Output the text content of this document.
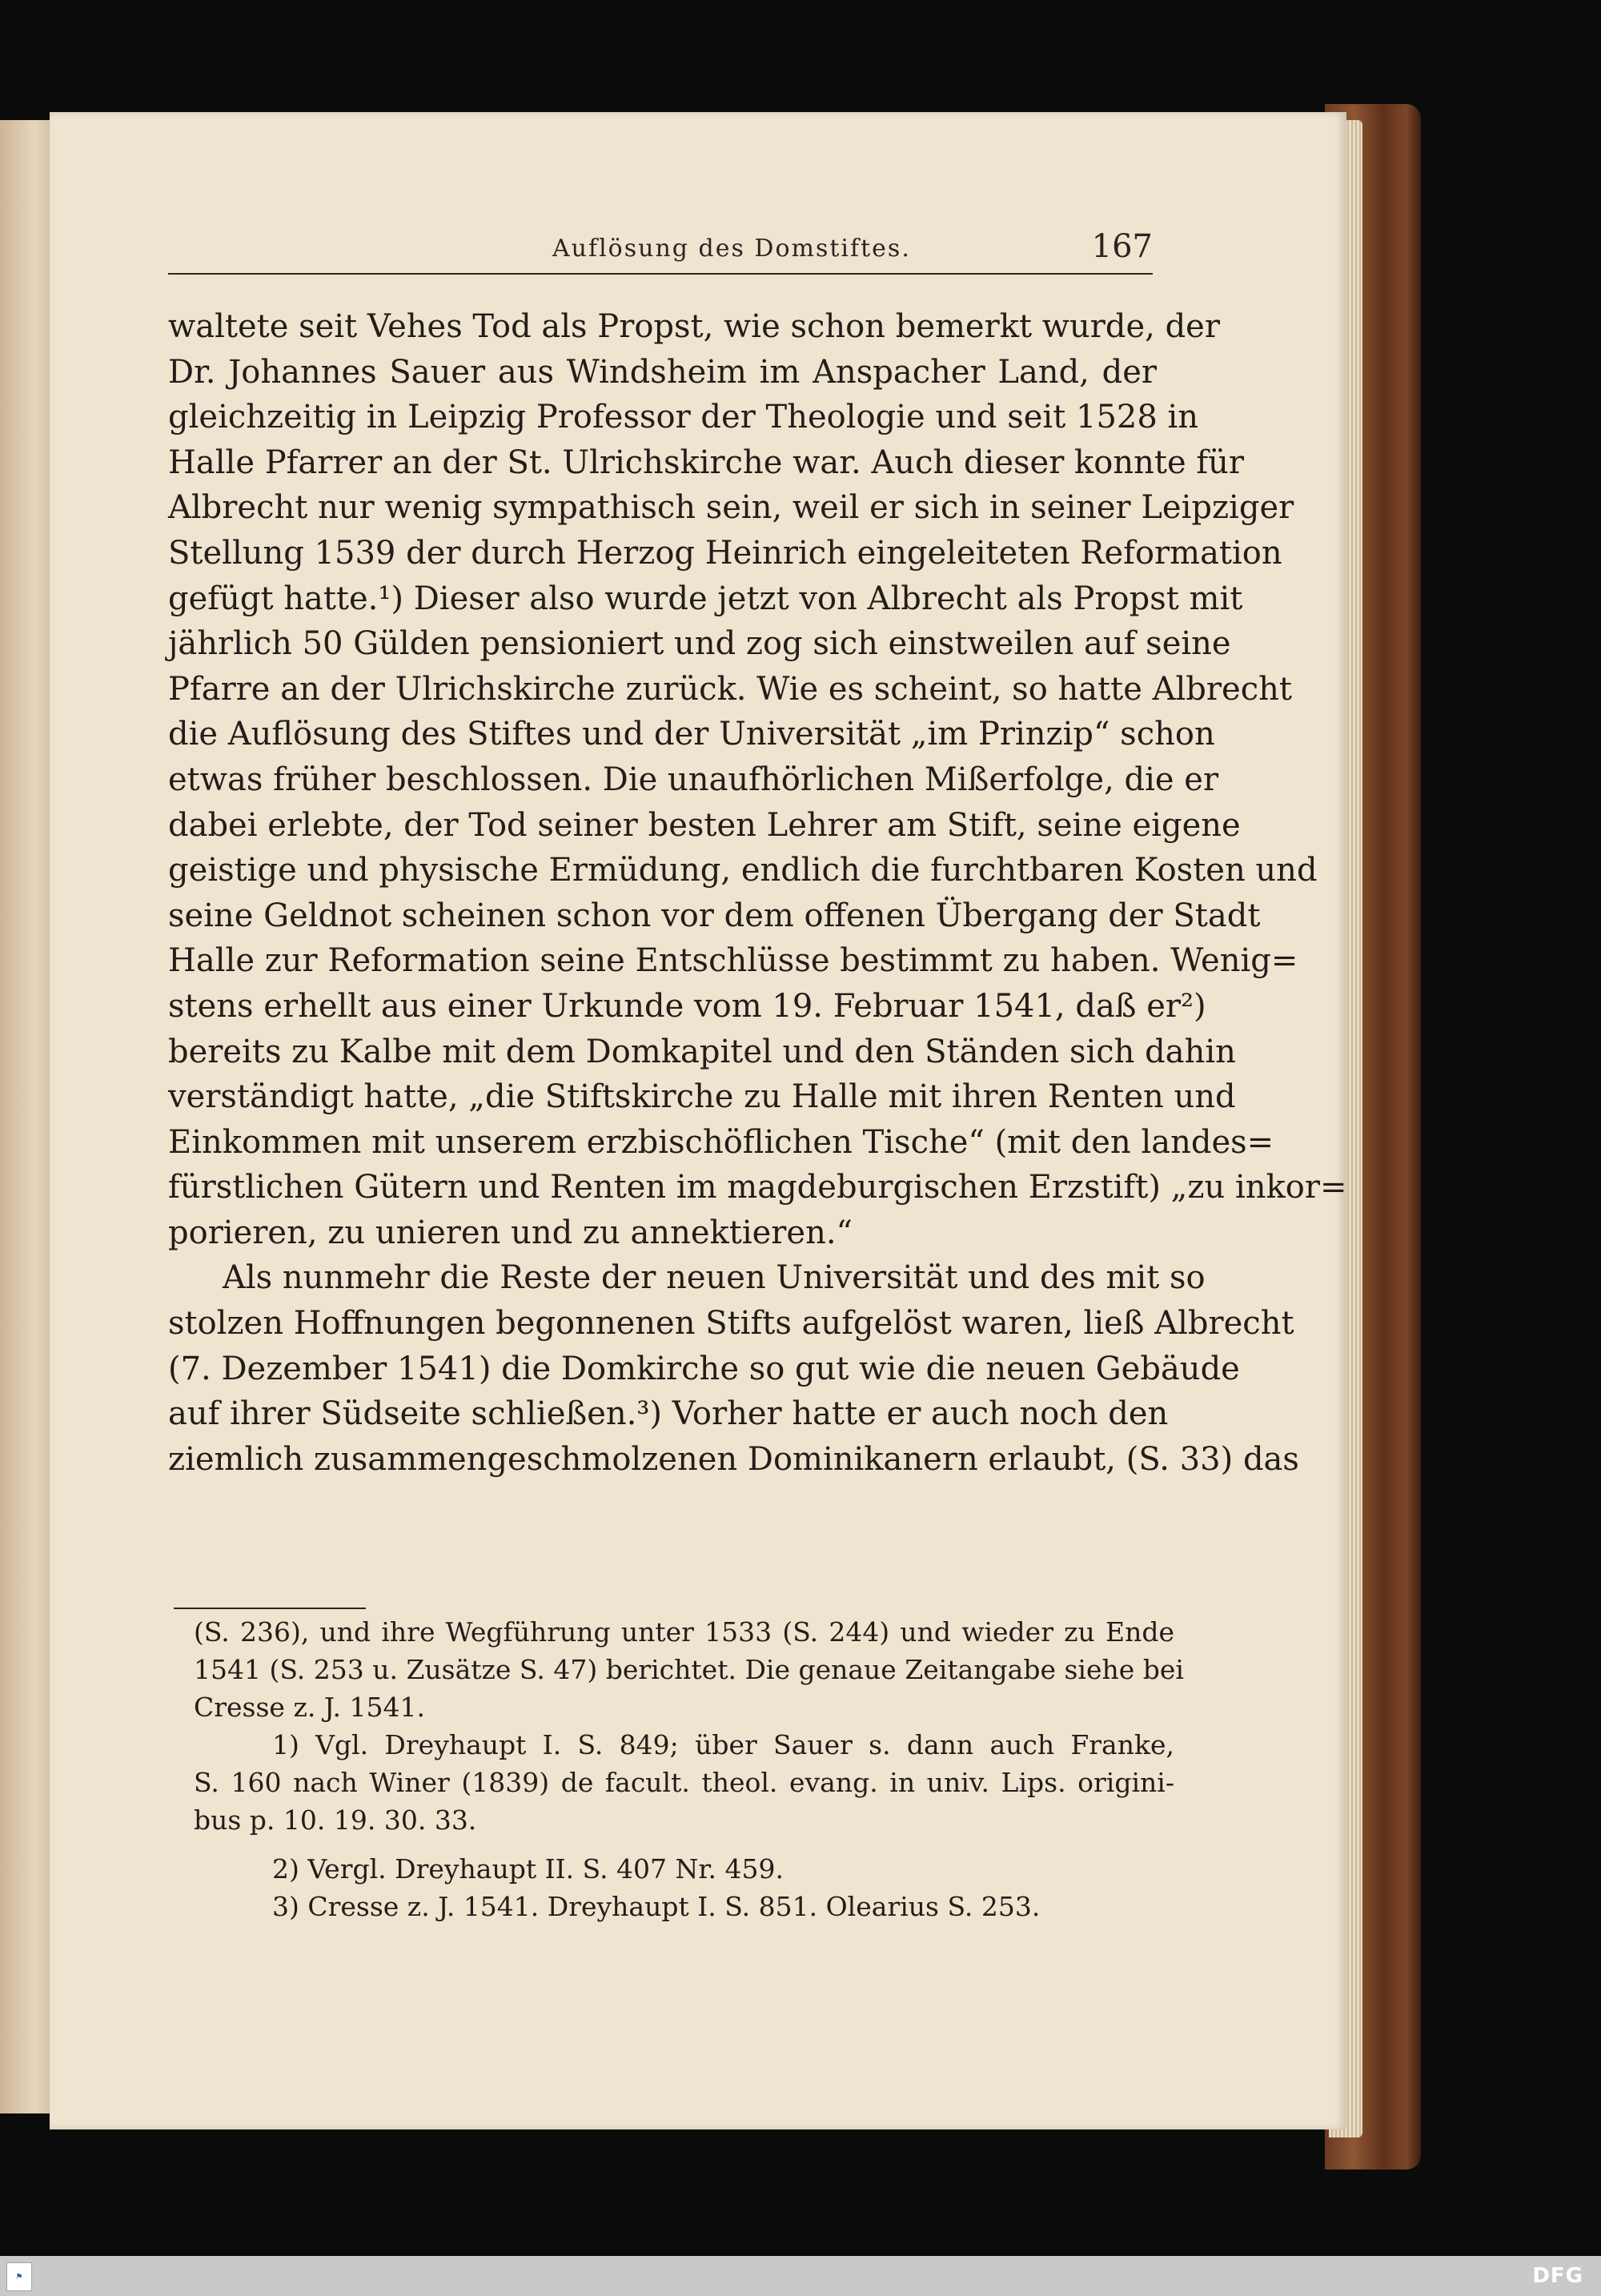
Auflösung des Domstiftes.	167
waltete seit Vehes Tod als Propst, wie schon bemerkt wurde, der
Dr. Johannes Sauer aus Windsheim im Anspacher Land, der
gleichzeitig in Leipzig Professor der Theologie und seit 1528 in
Halle Pfarrer an der St. Ulrichskirche war. Auch dieser konnte für
Albrecht nur wenig sympathisch sein, weil er sich in seiner Leipziger
Stellung 1539 der durch Herzog Heinrich eingeleiteten Reformation
gefügt hatte.¹) Dieser also wurde jetzt von Albrecht als Propst mit
jährlich 50 Gülden pensioniert und zog sich einstweilen auf seine
Pfarre an der Ulrichskirche zurück. Wie es scheint, so hatte Albrecht
die Auflösung des Stiftes und der Universität „im Prinzip“ schon
etwas früher beschlossen. Die unaufhörlichen Mißerfolge, die er
dabei erlebte, der Tod seiner besten Lehrer am Stift, seine eigene
geistige und physische Ermüdung, endlich die furchtbaren Kosten und
seine Geldnot scheinen schon vor dem offenen Übergang der Stadt
Halle zur Reformation seine Entschlüsse bestimmt zu haben. Wenig=
stens erhellt aus einer Urkunde vom 19. Februar 1541, daß er²)
bereits zu Kalbe mit dem Domkapitel und den Ständen sich dahin
verständigt hatte, „die Stiftskirche zu Halle mit ihren Renten und
Einkommen mit unserem erzbischöflichen Tische“ (mit den landes=
fürstlichen Gütern und Renten im magdeburgischen Erzstift) „zu inkor=
porieren, zu unieren und zu annektieren.“
Als nunmehr die Reste der neuen Universität und des mit so
stolzen Hoffnungen begonnenen Stifts aufgelöst waren, ließ Albrecht
(7. Dezember 1541) die Domkirche so gut wie die neuen Gebäude
auf ihrer Südseite schließen.³) Vorher hatte er auch noch den
ziemlich zusammengeschmolzenen Dominikanern erlaubt, (S. 33) das
(S. 236), und ihre Wegführung unter 1533 (S. 244) und wieder zu Ende
1541 (S. 253 u. Zusätze S. 47) berichtet. Die genaue Zeitangabe siehe bei
Cresse z. J. 1541.
1) Vgl. Dreyhaupt I. S. 849; über Sauer s. dann auch Franke,
S. 160 nach Winer (1839) de facult. theol. evang. in univ. Lips. origini-
bus p. 10. 19. 30. 33.
2) Vergl. Dreyhaupt II. S. 407 Nr. 459.
3) Cresse z. J. 1541. Dreyhaupt I. S. 851. Olearius S. 253.
⚑	DFG
